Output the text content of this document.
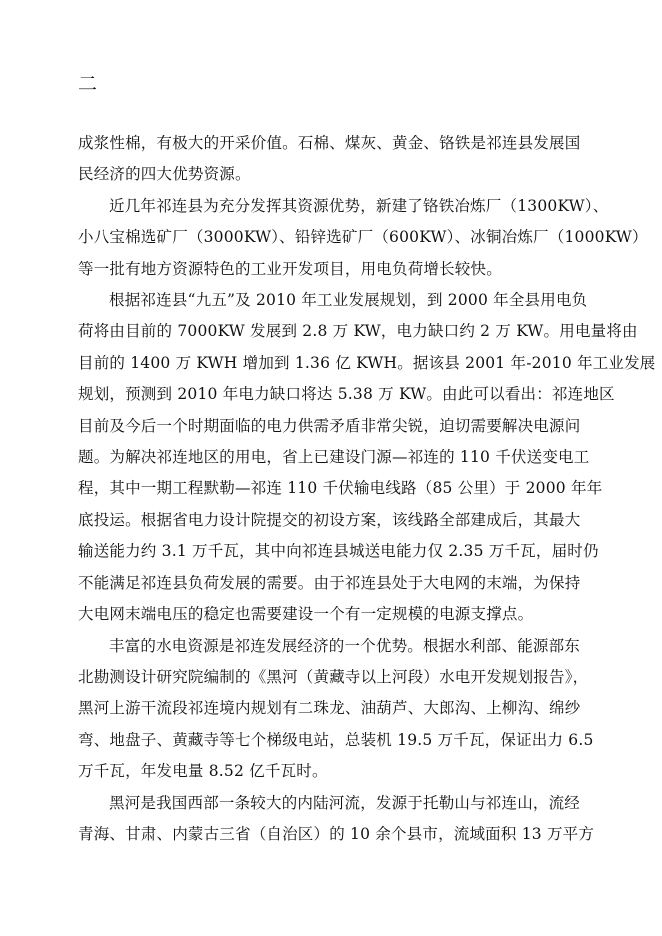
二

成浆性棉，有极大的开采价值。石棉、煤灰、黄金、铬铁是祁连县发展国
民经济的四大优势资源。

近几年祁连县为充分发挥其资源优势，新建了铬铁冶炼厂（1300KW）、
小八宝棉选矿厂（3000KW）、铅锌选矿厂（600KW）、冰铜冶炼厂（1000KW）
等一批有地方资源特色的工业开发项目，用电负荷增长较快。

根据祁连县“九五”及 2010 年工业发展规划，到 2000 年全县用电负
荷将由目前的 7000KW 发展到 2.8 万 KW，电力缺口约 2 万 KW。用电量将由
目前的 1400 万 KWH 增加到 1.36 亿 KWH。据该县 2001 年-2010 年工业发展
规划，预测到 2010 年电力缺口将达 5.38 万 KW。由此可以看出：祁连地区
目前及今后一个时期面临的电力供需矛盾非常尖锐，迫切需要解决电源问
题。为解决祁连地区的用电，省上已建设门源—祁连的 110 千伏送变电工
程，其中一期工程默勒—祁连 110 千伏输电线路（85 公里）于 2000 年年
底投运。根据省电力设计院提交的初设方案，该线路全部建成后，其最大
输送能力约 3.1 万千瓦，其中向祁连县城送电能力仅 2.35 万千瓦，届时仍
不能满足祁连县负荷发展的需要。由于祁连县处于大电网的末端，为保持
大电网末端电压的稳定也需要建设一个有一定规模的电源支撑点。

丰富的水电资源是祁连发展经济的一个优势。根据水利部、能源部东
北勘测设计研究院编制的《黑河（黄藏寺以上河段）水电开发规划报告》，
黑河上游干流段祁连境内规划有二珠龙、油葫芦、大郎沟、上柳沟、绵纱
弯、地盘子、黄藏寺等七个梯级电站，总装机 19.5 万千瓦，保证出力 6.5
万千瓦，年发电量 8.52 亿千瓦时。

黑河是我国西部一条较大的内陆河流，发源于托勒山与祁连山，流经
青海、甘肃、内蒙古三省（自治区）的 10 余个县市，流域面积 13 万平方
